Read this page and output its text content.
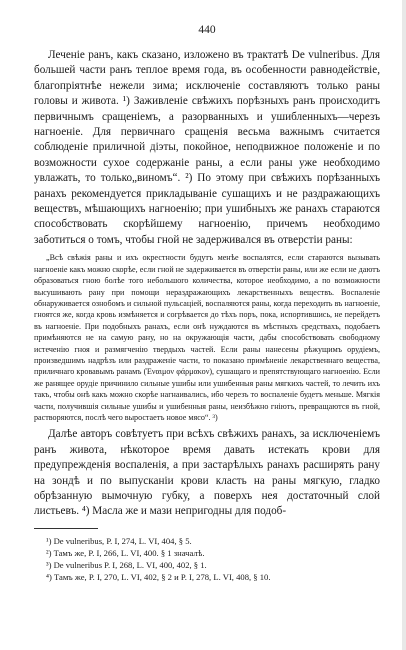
440

Леченіе ранъ, какъ сказано, изложено въ трактатѣ De vulneribus. Для большей части ранъ теплое время года, въ особенности равнодействіе, благопріятнѣе нежели зима; исключеніе составляютъ только раны головы и живота. ¹) Заживленіе свѣжихъ порѣзныхъ ранъ происходитъ первичнымъ сращеніемъ, а разорванныхъ и ушибленныхъ—черезъ нагноеніе. Для первичнаго сращенія весьма важнымъ считается соблюденіе приличной діэты, покойное, неподвижное положеніе и по возможности сухое содержаніе раны, а если раны уже необходимо увлажать, то только„виномъ“. ²) По этому при свѣжихъ порѣзанныхъ ранахъ рекомендуется прикладываніе сушащихъ и не раздражающихъ веществъ, мѣшающихъ нагноенію; при ушибныхъ же ранахъ стараются способствовать скорѣйшему нагноенію, причемъ необходимо заботиться о томъ, чтобы гной не задерживался въ отверстіи раны:

„Всѣ свѣжія раны и ихъ окрестности будутъ менѣе воспалятся, если стараются вызывать нагноеніе какъ можно скорѣе, если гной не задерживается въ отверстіи раны, или же если не даютъ образоваться гною болѣе того небольшого количества, которое необходимо, а по возможности высушивають рану при помощи нераздражающихъ лекарственныхъ веществъ. Воспаленіе обнаруживается ознобомъ и сильной пульсаціей, воспаляются раны, когда переходить въ нагноеніе, гноятся же, когда кровь измѣняется и согрѣвается до тѣхъ поръ, пока, испортившись, не перейдетъ въ нагноеніе. При подобныхъ ранахъ, если онѣ нуждаются въ мѣстныхъ средствахъ, подобаетъ примѣняются не на самую рану, но на окружающія части, дабы способствовать свободному истеченію гноя и размягченію твердыхъ частей. Если раны нанесены рѣжущимъ орудіемъ, произведшимъ надрѣзъ или раздраженіе части, то показано примѣненіе лекарственнаго вещества, приличнаго кровавымъ ранамъ (Έναιμον φάρμακον), сушащаго и препятствующаго нагноенію. Если же ранящее орудіе причинило сильные ушибы или ушибенныя раны мягкихъ частей, то лечить ихъ такъ, чтобы онѣ какъ можно скорѣе нагнаивались, ибо черезъ то воспаленіе будетъ меньше. Мягкія части, получившія сильные ушибы и ушибенныя раны, неизбѣжно гніютъ, превращаются въ гной, растворяются, послѣ чего выростаетъ новое мясо“. ³)

Далѣе авторъ совѣтуетъ при всѣхъ свѣжихъ ранахъ, за исключеніемъ ранъ живота, нѣкоторое время давать истекать крови для предупрежденія воспаленія, а при застарѣлыхъ ранахъ расширять рану на зондѣ и по выпусканіи крови класть на раны мягкую, гладко обрѣзанную вымочную губку, а поверхъ нея достаточный слой листьевъ. ⁴) Масла же и мази непригодны для подоб-

¹) De vulneribus, P. I, 274, L. VI, 404, § 5.

²) Тамъ же, P. I, 266, L. VI, 400. § 1 значалѣ.

³) De vulneribus P. I, 268, L. VI, 400, 402, § 1.

⁴) Тамъ же, P. I, 270, L. VI, 402, § 2 и P. I, 278, L. VI, 408, § 10.
